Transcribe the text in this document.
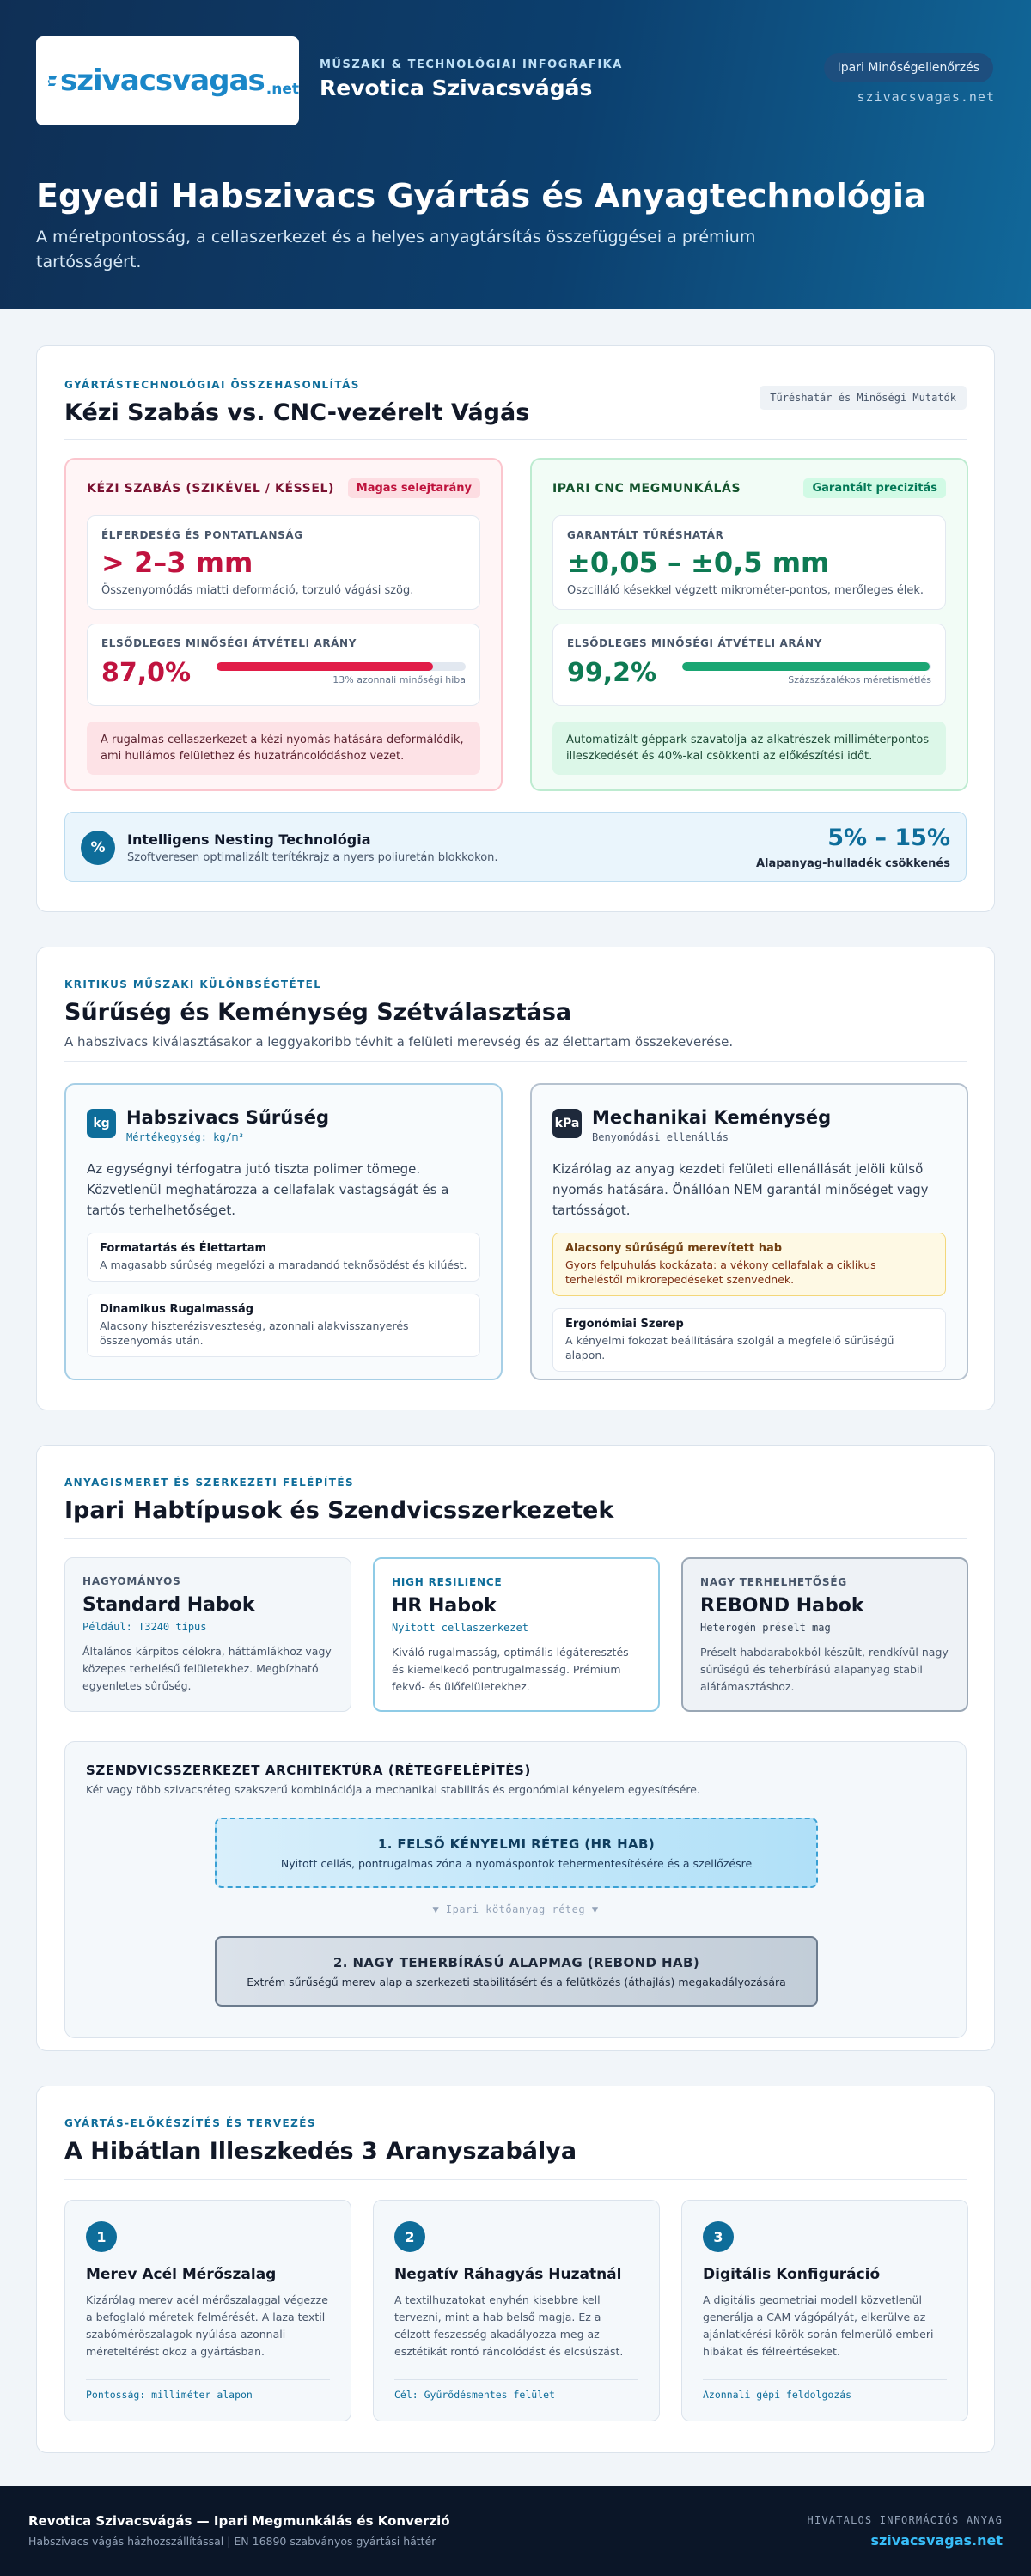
szivacsvagas .net
MŰSZAKI & TECHNOLÓGIAI INFOGRAFIKA
Revotica Szivacsvágás
Ipari Minőségellenőrzés
szivacsvagas.net
Egyedi Habszivacs Gyártás és Anyagtechnológia
A méretpontosság, a cellaszerkezet és a helyes anyagtársítás összefüggései a prémium tartósságért.
GYÁRTÁSTECHNOLÓGIAI ÖSSZEHASONLÍTÁS
Kézi Szabás vs. CNC-vezérelt Vágás
Tűréshatár és Minőségi Mutatók
KÉZI SZABÁS (SZIKÉVEL / KÉSSEL)	Magas selejtarány
ÉLFERDESÉG ÉS PONTATLANSÁG
> 2–3 mm
Összenyomódás miatti deformáció, torzuló vágási szög.
ELSŐDLEGES MINŐSÉGI ÁTVÉTELI ARÁNY
87,0%	13% azonnali minőségi hiba
A rugalmas cellaszerkezet a kézi nyomás hatására deformálódik, ami hullámos felülethez és huzatráncolódáshoz vezet.
IPARI CNC MEGMUNKÁLÁS	Garantált precizitás
GARANTÁLT TŰRÉSHATÁR
±0,05 – ±0,5 mm
Oszcilláló késekkel végzett mikrométer-pontos, merőleges élek.
ELSŐDLEGES MINŐSÉGI ÁTVÉTELI ARÁNY
99,2%	Százszázalékos méretismétlés
Automatizált géppark szavatolja az alkatrészek milliméterpontos illeszkedését és 40%-kal csökkenti az előkészítési időt.
%	Intelligens Nesting Technológia
Szoftveresen optimalizált terítékrajz a nyers poliuretán blokkokon.
5% – 15%
Alapanyag-hulladék csökkenés
KRITIKUS MŰSZAKI KÜLÖNBSÉGTÉTEL
Sűrűség és Keménység Szétválasztása
A habszivacs kiválasztásakor a leggyakoribb tévhit a felületi merevség és az élettartam összekeverése.
kg Habszivacs Sűrűség
Mértékegység: kg/m³
Az egységnyi térfogatra jutó tiszta polimer tömege. Közvetlenül meghatározza a cellafalak vastagságát és a tartós terhelhetőséget.
Formatartás és Élettartam
A magasabb sűrűség megelőzi a maradandó teknősödést és kilúést.
Dinamikus Rugalmasság
Alacsony hiszterézisveszteség, azonnali alakvisszanyerés összenyomás után.
kPa Mechanikai Keménység
Benyomódási ellenállás
Kizárólag az anyag kezdeti felületi ellenállását jelöli külső nyomás hatására. Önállóan NEM garantál minőséget vagy tartósságot.
Alacsony sűrűségű merevített hab
Gyors felpuhulás kockázata: a vékony cellafalak a ciklikus terheléstől mikrorepedéseket szenvednek.
Ergonómiai Szerep
A kényelmi fokozat beállítására szolgál a megfelelő sűrűségű alapon.
ANYAGISMERET ÉS SZERKEZETI FELÉPÍTÉS
Ipari Habtípusok és Szendvicsszerkezetek
HAGYOMÁNYOS
Standard Habok
Például: T3240 típus
Általános kárpitos célokra, háttámlákhoz vagy közepes terhelésű felületekhez. Megbízható egyenletes sűrűség.
HIGH RESILIENCE
HR Habok
Nyitott cellaszerkezet
Kiváló rugalmasság, optimális légáteresztés és kiemelkedő pontrugalmasság. Prémium fekvő- és ülőfelületekhez.
NAGY TERHELHETŐSÉG
REBOND Habok
Heterogén préselt mag
Préselt habdarabokból készült, rendkívül nagy sűrűségű és teherbírású alapanyag stabil alátámasztáshoz.
SZENDVICSSZERKEZET ARCHITEKTÚRA (RÉTEGFELÉPÍTÉS)
Két vagy több szivacsréteg szakszerű kombinációja a mechanikai stabilitás és ergonómiai kényelem egyesítésére.
1. FELSŐ KÉNYELMI RÉTEG (HR HAB)
Nyitott cellás, pontrugalmas zóna a nyomáspontok tehermentesítésére és a szellőzésre
▼ Ipari kötőanyag réteg ▼
2. NAGY TEHERBÍRÁSÚ ALAPMAG (REBOND HAB)
Extrém sűrűségű merev alap a szerkezeti stabilitásért és a felütközés (áthajlás) megakadályozására
GYÁRTÁS-ELŐKÉSZÍTÉS ÉS TERVEZÉS
A Hibátlan Illeszkedés 3 Aranyszabálya
1
Merev Acél Mérőszalag
Kizárólag merev acél mérőszalaggal végezze a befoglaló méretek felmérését. A laza textil szabóméröszalagok nyúlása azonnali méreteltérést okoz a gyártásban.
Pontosság: milliméter alapon
2
Negatív Ráhagyás Huzatnál
A textilhuzatokat enyhén kisebbre kell tervezni, mint a hab belső magja. Ez a célzott feszesség akadályozza meg az esztétikát rontó ráncolódást és elcsúszást.
Cél: Gyűrődésmentes felület
3
Digitális Konfiguráció
A digitális geometriai modell közvetlenül generálja a CAM vágópályát, elkerülve az ajánlatkérési körök során felmerülő emberi hibákat és félreértéseket.
Azonnali gépi feldolgozás
Revotica Szivacsvágás — Ipari Megmunkálás és Konverzió
Habszivacs vágás házhozszállítással | EN 16890 szabványos gyártási háttér
HIVATALOS INFORMÁCIÓS ANYAG
szivacsvagas.net
